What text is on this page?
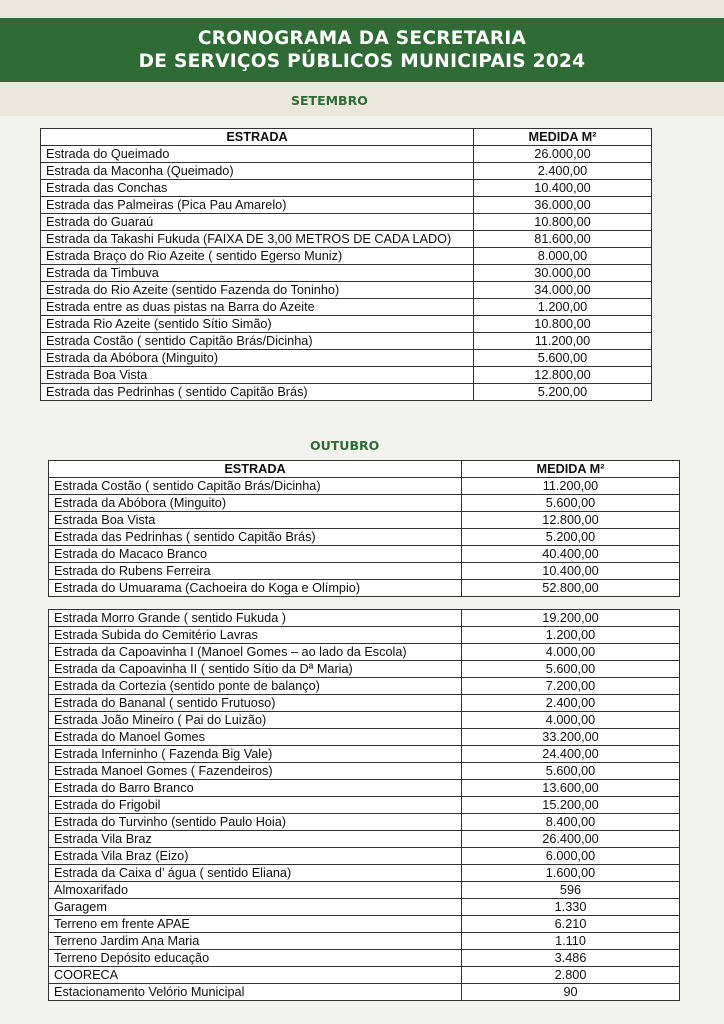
CRONOGRAMA DA SECRETARIA
DE SERVIÇOS PÚBLICOS MUNICIPAIS 2024
SETEMBRO
ESTRADA	MEDIDA M²
Estrada do Queimado	26.000,00
Estrada da Maconha (Queimado)	2.400,00
Estrada das Conchas	10.400,00
Estrada das Palmeiras (Pica Pau Amarelo)	36.000,00
Estrada do Guaraú	10.800,00
Estrada da Takashi Fukuda (FAIXA DE 3,00 METROS DE CADA LADO)	81.600,00
Estrada Braço do Rio Azeite ( sentido Egerso Muniz)	8.000,00
Estrada da Timbuva	30.000,00
Estrada do Rio Azeite (sentido Fazenda do Toninho)	34.000,00
Estrada entre as duas pistas na Barra do Azeite	1.200,00
Estrada Rio Azeite (sentido Sítio Simão)	10.800,00
Estrada Costão ( sentido Capitão Brás/Dicinha)	11.200,00
Estrada da Abóbora (Minguito)	5.600,00
Estrada Boa Vista	12.800,00
Estrada das Pedrinhas ( sentido Capitão Brás)	5.200,00
OUTUBRO
ESTRADA	MEDIDA M²
Estrada Costão ( sentido Capitão Brás/Dicinha)	11.200,00
Estrada da Abóbora (Minguito)	5.600,00
Estrada Boa Vista	12.800,00
Estrada das Pedrinhas ( sentido Capitão Brás)	5.200,00
Estrada do Macaco Branco	40.400,00
Estrada do Rubens Ferreira	10.400,00
Estrada do Umuarama (Cachoeira do Koga e Olímpio)	52.800,00
Estrada Morro Grande ( sentido Fukuda )	19.200,00
Estrada Subida do Cemitério Lavras	1.200,00
Estrada da Capoavinha I (Manoel Gomes – ao lado da Escola)	4.000,00
Estrada da Capoavinha II ( sentido Sítio da Dª Maria)	5.600,00
Estrada da Cortezia (sentido ponte de balanço)	7.200,00
Estrada do Bananal ( sentido Frutuoso)	2.400,00
Estrada João Mineiro ( Pai do Luizão)	4.000,00
Estrada do Manoel Gomes	33.200,00
Estrada Inferninho ( Fazenda Big Vale)	24.400,00
Estrada Manoel Gomes ( Fazendeiros)	5.600,00
Estrada do Barro Branco	13.600,00
Estrada do Frigobil	15.200,00
Estrada do Turvinho (sentido Paulo Hoia)	8.400,00
Estrada Vila Braz	26.400,00
Estrada Vila Braz (Eizo)	6.000,00
Estrada da Caixa d’ água ( sentido Eliana)	1.600,00
Almoxarifado	596
Garagem	1.330
Terreno em frente APAE	6.210
Terreno Jardim Ana Maria	1.110
Terreno Depósito educação	3.486
COORECA	2.800
Estacionamento Velório Municipal	90
